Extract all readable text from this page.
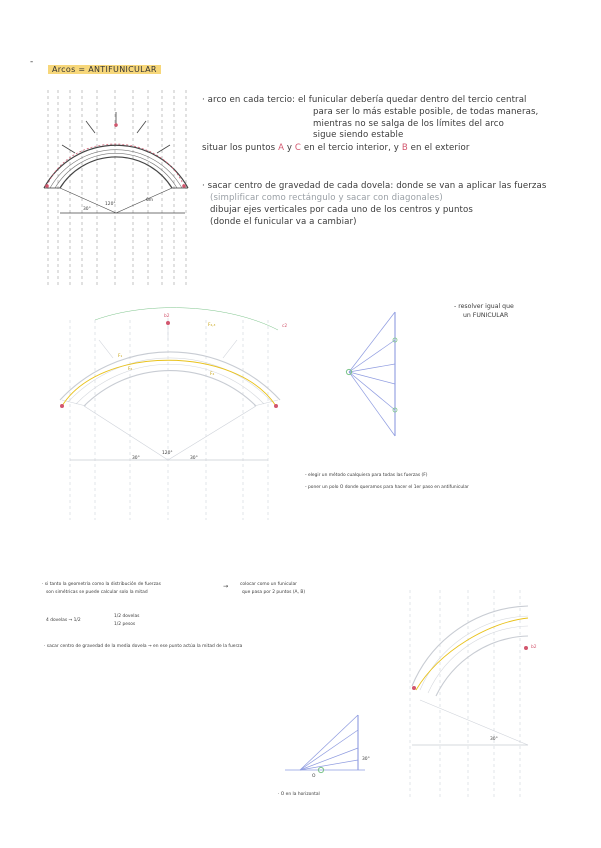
-
Arcos = ANTIFUNICULAR
120°
30°
6m
· arco en cada tercio: el funicular debería quedar dentro del tercio central
para ser lo más estable posible, de todas maneras,
mientras no se salga de los límites del arco
sigue siendo estable
situar los puntos A y C en el tercio interior, y B en el exterior
· sacar centro de gravedad de cada dovela: donde se van a aplicar las fuerzas
(simplificar como rectángulo y sacar con diagonales)
dibujar ejes verticales por cada uno de los centros y puntos
(donde el funicular va a cambiar)
b2
c2
F₂,₃
F₁
F₂
F₄
120°
30°	30°
- resolver igual que
un FUNICULAR
- elegir un método cualquiera para todas las fuerzas (F)
- poner un polo O donde queramos para hacer el 1er paso en antifunicular
· si tanto la geometría como la distribución de fuerzas
son simétricas se puede calcular solo la mitad
→	colocar como un funicular
que pasa por 2 puntos (A, B)
4 dovelas → 1/2
1/2 dovelas
1/2 pesos
· sacar centro de gravedad de la media dovela → en ese punto actúa la mitad de la fuerza	b2
30°
30°
O
· O en la horizontal
